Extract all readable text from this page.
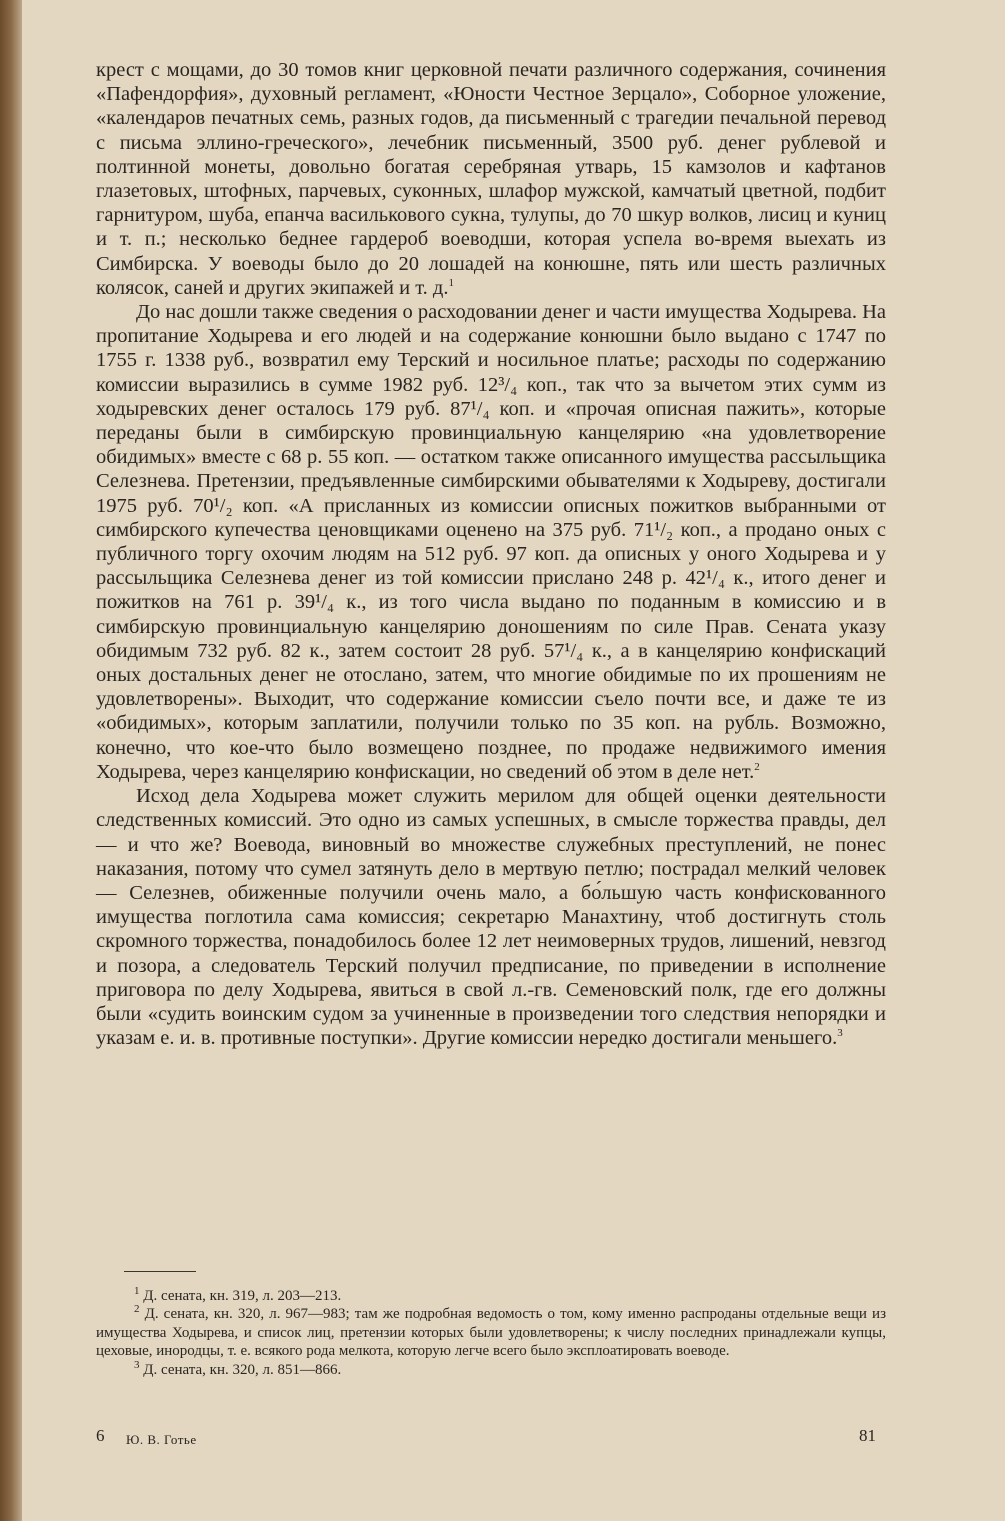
крест с мощами, до 30 томов книг церковной печати различного содержания, сочинения «Пафендорфия», духовный регламент, «Юности Честное Зерцало», Соборное уложение, «календаров печатных семь, разных годов, да письменный с трагедии печальной перевод с письма эллино-греческого», лечебник письменный, 3500 руб. денег рублевой и полтинной монеты, довольно богатая серебряная утварь, 15 камзолов и кафтанов глазетовых, штофных, парчевых, суконных, шлафор мужской, камчатый цветной, подбит гарнитуром, шуба, епанча василькового сукна, тулупы, до 70 шкур волков, лисиц и куниц и т. п.; несколько беднее гардероб воеводши, которая успела во-время выехать из Симбирска. У воеводы было до 20 лошадей на конюшне, пять или шесть различных колясок, саней и других экипажей и т. д.$^1$

До нас дошли также сведения о расходовании денег и части имущества Ходырева. На пропитание Ходырева и его людей и на содержание конюшни было выдано с 1747 по 1755 г. 1338 руб., возвратил ему Терский и носильное платье; расходы по содержанию комиссии выразились в сумме 1982 руб. 12³/₄ коп., так что за вычетом этих сумм из ходыревских денег осталось 179 руб. 87¹/₄ коп. и «прочая описная пажить», которые переданы были в симбирскую провинциальную канцелярию «на удовлетворение обидимых» вместе с 68 р. 55 коп. — остатком также описанного имущества рассыльщика Селезнева. Претензии, предъявленные симбирскими обывателями к Ходыреву, достигали 1975 руб. 70¹/₂ коп. «А присланных из комиссии описных пожитков выбранными от симбирского купечества ценовщиками оценено на 375 руб. 71¹/₂ коп., а продано оных с публичного торгу охочим людям на 512 руб. 97 коп. да описных у оного Ходырева и у рассыльщика Селезнева денег из той комиссии прислано 248 р. 42¹/₄ к., итого денег и пожитков на 761 р. 39¹/₄ к., из того числа выдано по поданным в комиссию и в симбирскую провинциальную канцелярию доношениям по силе Прав. Сената указу обидимым 732 руб. 82 к., затем состоит 28 руб. 57¹/₄ к., а в канцелярию конфискаций оных достальных денег не отослано, затем, что многие обидимые по их прошениям не удовлетворены». Выходит, что содержание комиссии съело почти все, и даже те из «обидимых», которым заплатили, получили только по 35 коп. на рубль. Возможно, конечно, что кое-что было возмещено позднее, по продаже недвижимого имения Ходырева, через канцелярию конфискации, но сведений об этом в деле нет.$^2$

Исход дела Ходырева может служить мерилом для общей оценки деятельности следственных комиссий. Это одно из самых успешных, в смысле торжества правды, дел — и что же? Воевода, виновный во множестве служебных преступлений, не понес наказания, потому что сумел затянуть дело в мертвую петлю; пострадал мелкий человек — Селезнев, обиженные получили очень мало, а бо́льшую часть конфискованного имущества поглотила сама комиссия; секретарю Манахтину, чтоб достигнуть столь скромного торжества, понадобилось более 12 лет неимоверных трудов, лишений, невзгод и позора, а следователь Терский получил предписание, по приведении в исполнение приговора по делу Ходырева, явиться в свой л.-гв. Семеновский полк, где его должны были «судить воинским судом за учиненные в произведении того следствия непорядки и указам е. и. в. противные поступки». Другие комиссии нередко достигали меньшего.$^3$

$^1$ Д. сената, кн. 319, л. 203—213.

$^2$ Д. сената, кн. 320, л. 967—983; там же подробная ведомость о том, кому именно распроданы отдельные вещи из имущества Ходырева, и список лиц, претензии которых были удовлетворены; к числу последних принадлежали купцы, цеховые, инородцы, т. е. всякого рода мелкота, которую легче всего было эксплоатировать воеводе.

$^3$ Д. сената, кн. 320, л. 851—866.

6 Ю. В. Готье	81
